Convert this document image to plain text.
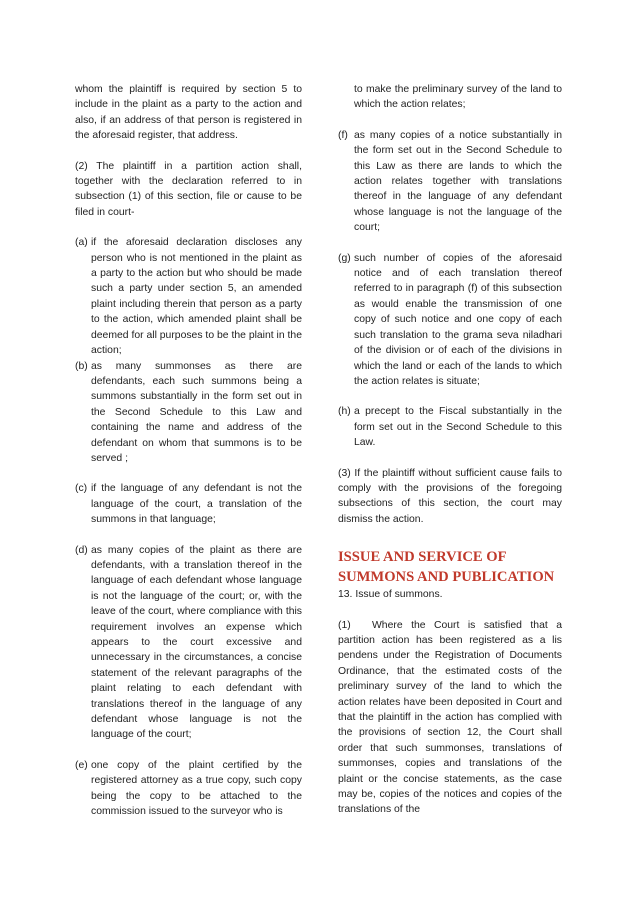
whom the plaintiff is required by section 5 to include in the plaint as a party to the action and also, if an address of that person is registered in the aforesaid register, that address.

(2) The plaintiff in a partition action shall, together with the declaration referred to in subsection (1) of this section, file or cause to be filed in court-

(a) if the aforesaid declaration discloses any person who is not mentioned in the plaint as a party to the action but who should be made such a party under section 5, an amended plaint including therein that person as a party to the action, which amended plaint shall be deemed for all purposes to be the plaint in the action;
(b) as many summonses as there are defendants, each such summons being a summons substantially in the form set out in the Second Schedule to this Law and containing the name and address of the defendant on whom that summons is to be served ;
(c) if the language of any defendant is not the language of the court, a translation of the summons in that language;
(d) as many copies of the plaint as there are defendants, with a translation thereof in the language of each defendant whose language is not the language of the court; or, with the leave of the court, where compliance with this requirement involves an expense which appears to the court excessive and unnecessary in the circumstances, a concise statement of the relevant paragraphs of the plaint relating to each defendant with translations thereof in the language of any defendant whose language is not the language of the court;
(e) one copy of the plaint certified by the registered attorney as a true copy, such copy being the copy to be attached to the commission issued to the surveyor who is
to make the preliminary survey of the land to which the action relates;
(f) as many copies of a notice substantially in the form set out in the Second Schedule to this Law as there are lands to which the action relates together with translations thereof in the language of any defendant whose language is not the language of the court;
(g) such number of copies of the aforesaid notice and of each translation thereof referred to in paragraph (f) of this subsection as would enable the transmission of one copy of such notice and one copy of each such translation to the grama seva niladhari of the division or of each of the divisions in which the land or each of the lands to which the action relates is situate;
(h) a precept to the Fiscal substantially in the form set out in the Second Schedule to this Law.

(3) If the plaintiff without sufficient cause fails to comply with the provisions of the foregoing subsections of this section, the court may dismiss the action.

ISSUE AND SERVICE OF
SUMMONS AND PUBLICATION

13. Issue of summons.

(1) Where the Court is satisfied that a partition action has been registered as a lis pendens under the Registration of Documents Ordinance, that the estimated costs of the preliminary survey of the land to which the action relates have been deposited in Court and that the plaintiff in the action has complied with the provisions of section 12, the Court shall order that such summonses, translations of summonses, copies and translations of the plaint or the concise statements, as the case may be, copies of the notices and copies of the translations of the
